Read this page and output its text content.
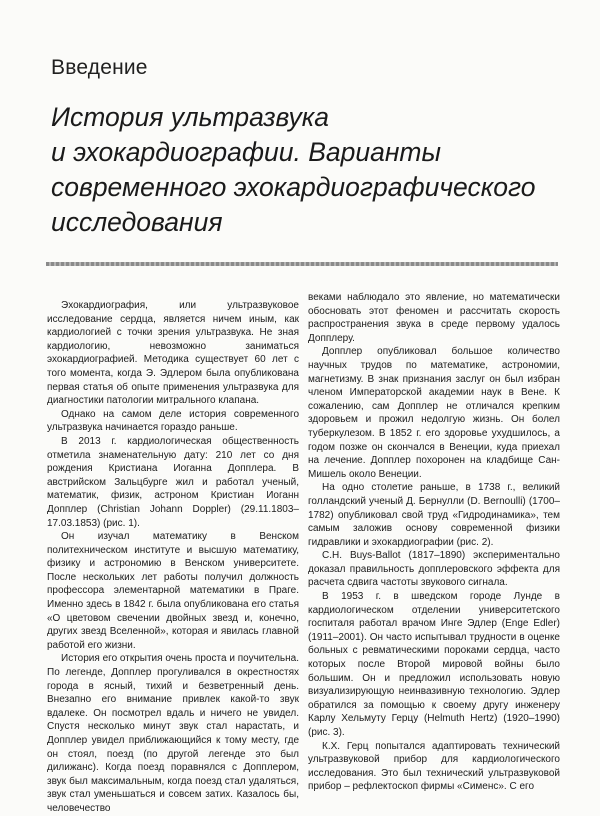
Введение
История ультразвука
и эхокардиографии. Варианты
современного эхокардиографического
исследования

Эхокардиография, или ультразвуковое исследование сердца, является ничем иным, как кардиологией с точки зрения ультразвука. Не зная кардиологию, невозможно заниматься эхокардиографией. Методика существует 60 лет с того момента, когда Э. Эдлером была опубликована первая статья об опыте применения ультразвука для диагностики патологии митрального клапана.

Однако на самом деле история современного ультразвука начинается гораздо раньше.

В 2013 г. кардиологическая общественность отметила знаменательную дату: 210 лет со дня рождения Кристиана Иоганна Допплера. В австрийском Зальцбурге жил и работал ученый, математик, физик, астроном Кристиан Иоганн Допплер (Christian Johann Doppler) (29.11.1803–17.03.1853) (рис. 1).

Он изучал математику в Венском политехническом институте и высшую математику, физику и астрономию в Венском университете. После нескольких лет работы получил должность профессора элементарной математики в Праге. Именно здесь в 1842 г. была опубликована его статья «О цветовом свечении двойных звезд и, конечно, других звезд Вселенной», которая и явилась главной работой его жизни.

История его открытия очень проста и поучительна. По легенде, Допплер прогуливался в окрестностях города в ясный, тихий и безветренный день. Внезапно его внимание привлек какой-то звук вдалеке. Он посмотрел вдаль и ничего не увидел. Спустя несколько минут звук стал нарастать, и Допплер увидел приближающийся к тому месту, где он стоял, поезд (по другой легенде это был дилижанс). Когда поезд поравнялся с Допплером, звук был максимальным, когда поезд стал удаляться, звук стал уменьшаться и совсем затих. Казалось бы, человечество

веками наблюдало это явление, но математически обосновать этот феномен и рассчитать скорость распространения звука в среде первому удалось Допплеру.

Допплер опубликовал большое количество научных трудов по математике, астрономии, магнетизму. В знак признания заслуг он был избран членом Императорской академии наук в Вене. К сожалению, сам Допплер не отличался крепким здоровьем и прожил недолгую жизнь. Он болел туберкулезом. В 1852 г. его здоровье ухудшилось, а годом позже он скончался в Венеции, куда приехал на лечение. Допплер похоронен на кладбище Сан-Мишель около Венеции.

На одно столетие раньше, в 1738 г., великий голландский ученый Д. Бернулли (D. Bernoulli) (1700–1782) опубликовал свой труд «Гидродинамика», тем самым заложив основу современной физики гидравлики и эхокардиографии (рис. 2).

C.H. Buys-Ballot (1817–1890) экспериментально доказал правильность допплеровского эффекта для расчета сдвига частоты звукового сигнала.

В 1953 г. в шведском городе Лунде в кардиологическом отделении университетского госпиталя работал врачом Инге Эдлер (Enge Edler) (1911–2001). Он часто испытывал трудности в оценке больных с ревматическими пороками сердца, часто которых после Второй мировой войны было большим. Он и предложил использовать новую визуализирующую неинвазивную технологию. Эдлер обратился за помощью к своему другу инженеру Карлу Хельмуту Герцу (Helmuth Hertz) (1920–1990) (рис. 3).

К.Х. Герц попытался адаптировать технический ультразвуковой прибор для кардиологического исследования. Это был технический ультразвуковой прибор – рефлектоскоп фирмы «Сименс». С его
